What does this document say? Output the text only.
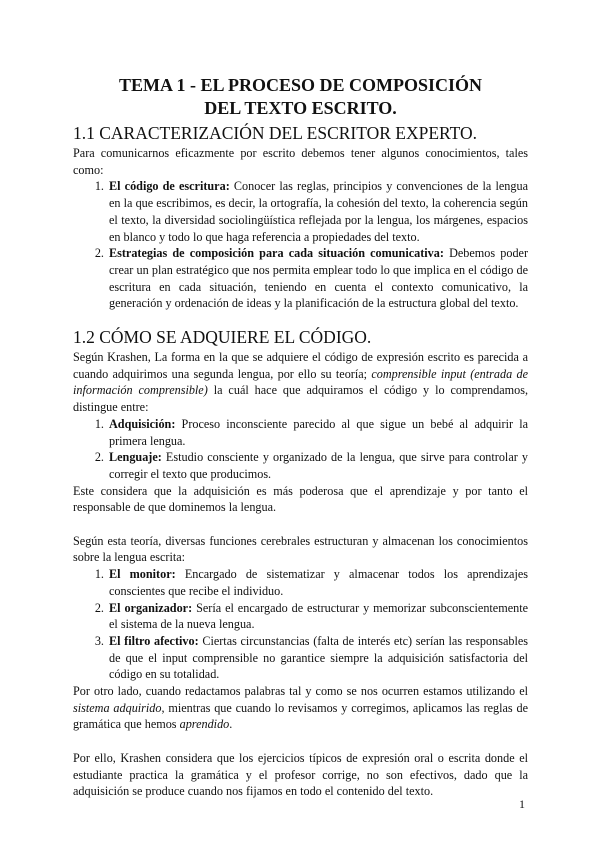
TEMA 1 - EL PROCESO DE COMPOSICIÓN DEL TEXTO ESCRITO.
1.1 CARACTERIZACIÓN DEL ESCRITOR EXPERTO.

Para comunicarnos eficazmente por escrito debemos tener algunos conocimientos, tales como:

1. El código de escritura: Conocer las reglas, principios y convenciones de la lengua en la que escribimos, es decir, la ortografía, la cohesión del texto, la coherencia según el texto, la diversidad sociolingüística reflejada por la lengua, los márgenes, espacios en blanco y todo lo que haga referencia a propiedades del texto.
2. Estrategias de composición para cada situación comunicativa: Debemos poder crear un plan estratégico que nos permita emplear todo lo que implica en el código de escritura en cada situación, teniendo en cuenta el contexto comunicativo, la generación y ordenación de ideas y la planificación de la estructura global del texto.
1.2 CÓMO SE ADQUIERE EL CÓDIGO.

Según Krashen, La forma en la que se adquiere el código de expresión escrito es parecida a cuando adquirimos una segunda lengua, por ello su teoría; comprensible input (entrada de información comprensible) la cuál hace que adquiramos el código y lo comprendamos, distingue entre:

1. Adquisición: Proceso inconsciente parecido al que sigue un bebé al adquirir la primera lengua.
2. Lenguaje: Estudio consciente y organizado de la lengua, que sirve para controlar y corregir el texto que producimos.

Este considera que la adquisición es más poderosa que el aprendizaje y por tanto el responsable de que dominemos la lengua.

Según esta teoría, diversas funciones cerebrales estructuran y almacenan los conocimientos sobre la lengua escrita:

1. El monitor: Encargado de sistematizar y almacenar todos los aprendizajes conscientes que recibe el individuo.
2. El organizador: Sería el encargado de estructurar y memorizar subconscientemente el sistema de la nueva lengua.
3. El filtro afectivo: Ciertas circunstancias (falta de interés etc) serían las responsables de que el input comprensible no garantice siempre la adquisición satisfactoria del código en su totalidad.

Por otro lado, cuando redactamos palabras tal y como se nos ocurren estamos utilizando el sistema adquirido, mientras que cuando lo revisamos y corregimos, aplicamos las reglas de gramática que hemos aprendido.

Por ello, Krashen considera que los ejercicios típicos de expresión oral o escrita donde el estudiante practica la gramática y el profesor corrige, no son efectivos, dado que la adquisición se produce cuando nos fijamos en todo el contenido del texto.

1
